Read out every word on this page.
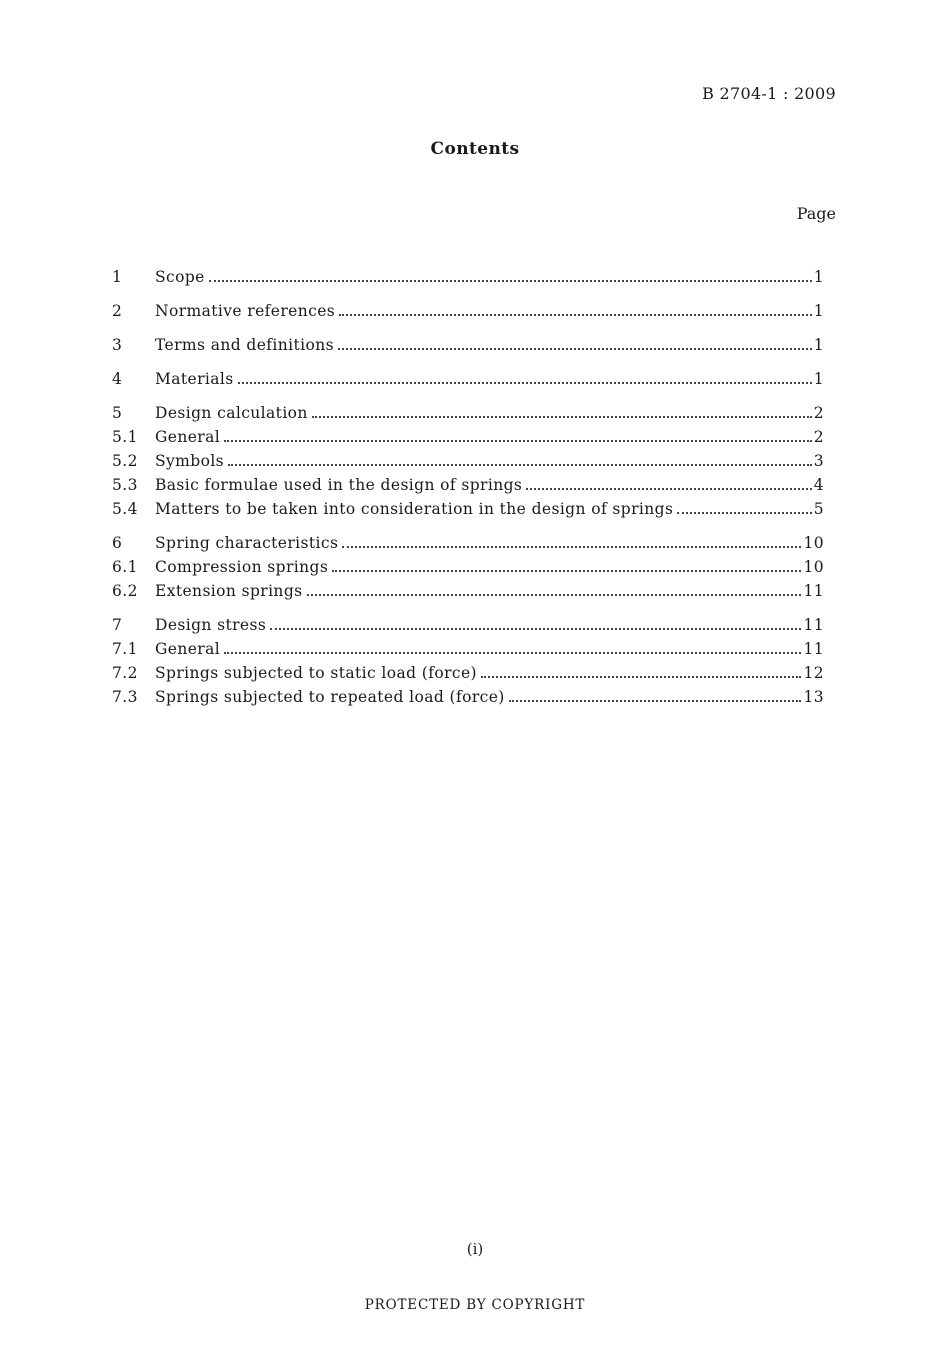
B 2704-1 : 2009
Contents
Page
1	Scope	1
2	Normative references	1
3	Terms and definitions	1
4	Materials	1
5	Design calculation	2
5.1	General	2
5.2	Symbols	3
5.3	Basic formulae used in the design of springs	4
5.4	Matters to be taken into consideration in the design of springs	5
6	Spring characteristics	10
6.1	Compression springs	10
6.2	Extension springs	11
7	Design stress	11
7.1	General	11
7.2	Springs subjected to static load (force)	12
7.3	Springs subjected to repeated load (force)	13
(i)
PROTECTED BY COPYRIGHT
